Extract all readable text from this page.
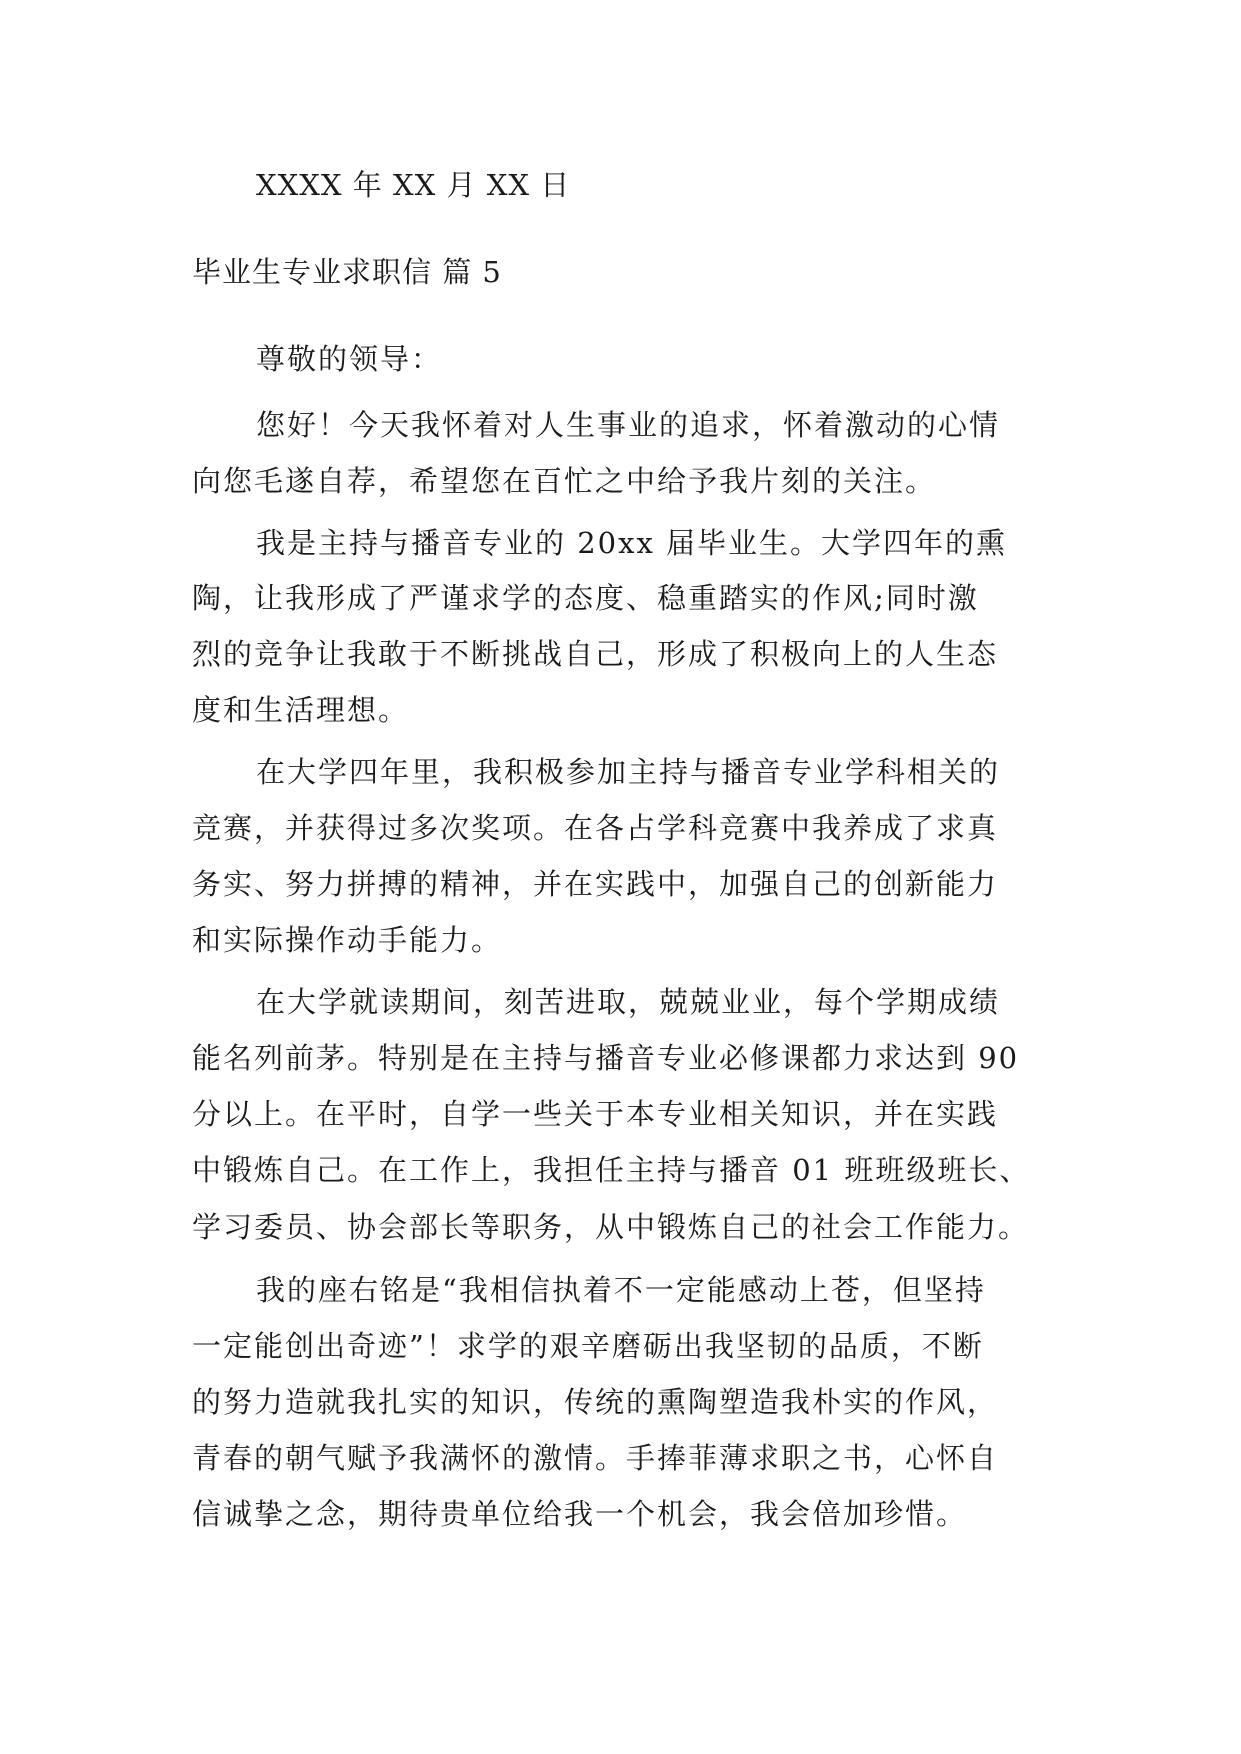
XXXX 年 XX 月 XX 日
毕业生专业求职信 篇 5
尊敬的领导：
您好！今天我怀着对人生事业的追求，怀着激动的心情
向您毛遂自荐，希望您在百忙之中给予我片刻的关注。
我是主持与播音专业的 20xx 届毕业生。大学四年的熏
陶，让我形成了严谨求学的态度、稳重踏实的作风;同时激
烈的竞争让我敢于不断挑战自己，形成了积极向上的人生态
度和生活理想。
在大学四年里，我积极参加主持与播音专业学科相关的
竞赛，并获得过多次奖项。在各占学科竞赛中我养成了求真
务实、努力拼搏的精神，并在实践中，加强自己的创新能力
和实际操作动手能力。
在大学就读期间，刻苦进取，兢兢业业，每个学期成绩
能名列前茅。特别是在主持与播音专业必修课都力求达到 90
分以上。在平时，自学一些关于本专业相关知识，并在实践
中锻炼自己。在工作上，我担任主持与播音 01 班班级班长、
学习委员、协会部长等职务，从中锻炼自己的社会工作能力。
我的座右铭是“我相信执着不一定能感动上苍，但坚持
一定能创出奇迹”！求学的艰辛磨砺出我坚韧的品质，不断
的努力造就我扎实的知识，传统的熏陶塑造我朴实的作风，
青春的朝气赋予我满怀的激情。手捧菲薄求职之书，心怀自
信诚挚之念，期待贵单位给我一个机会，我会倍加珍惜。
